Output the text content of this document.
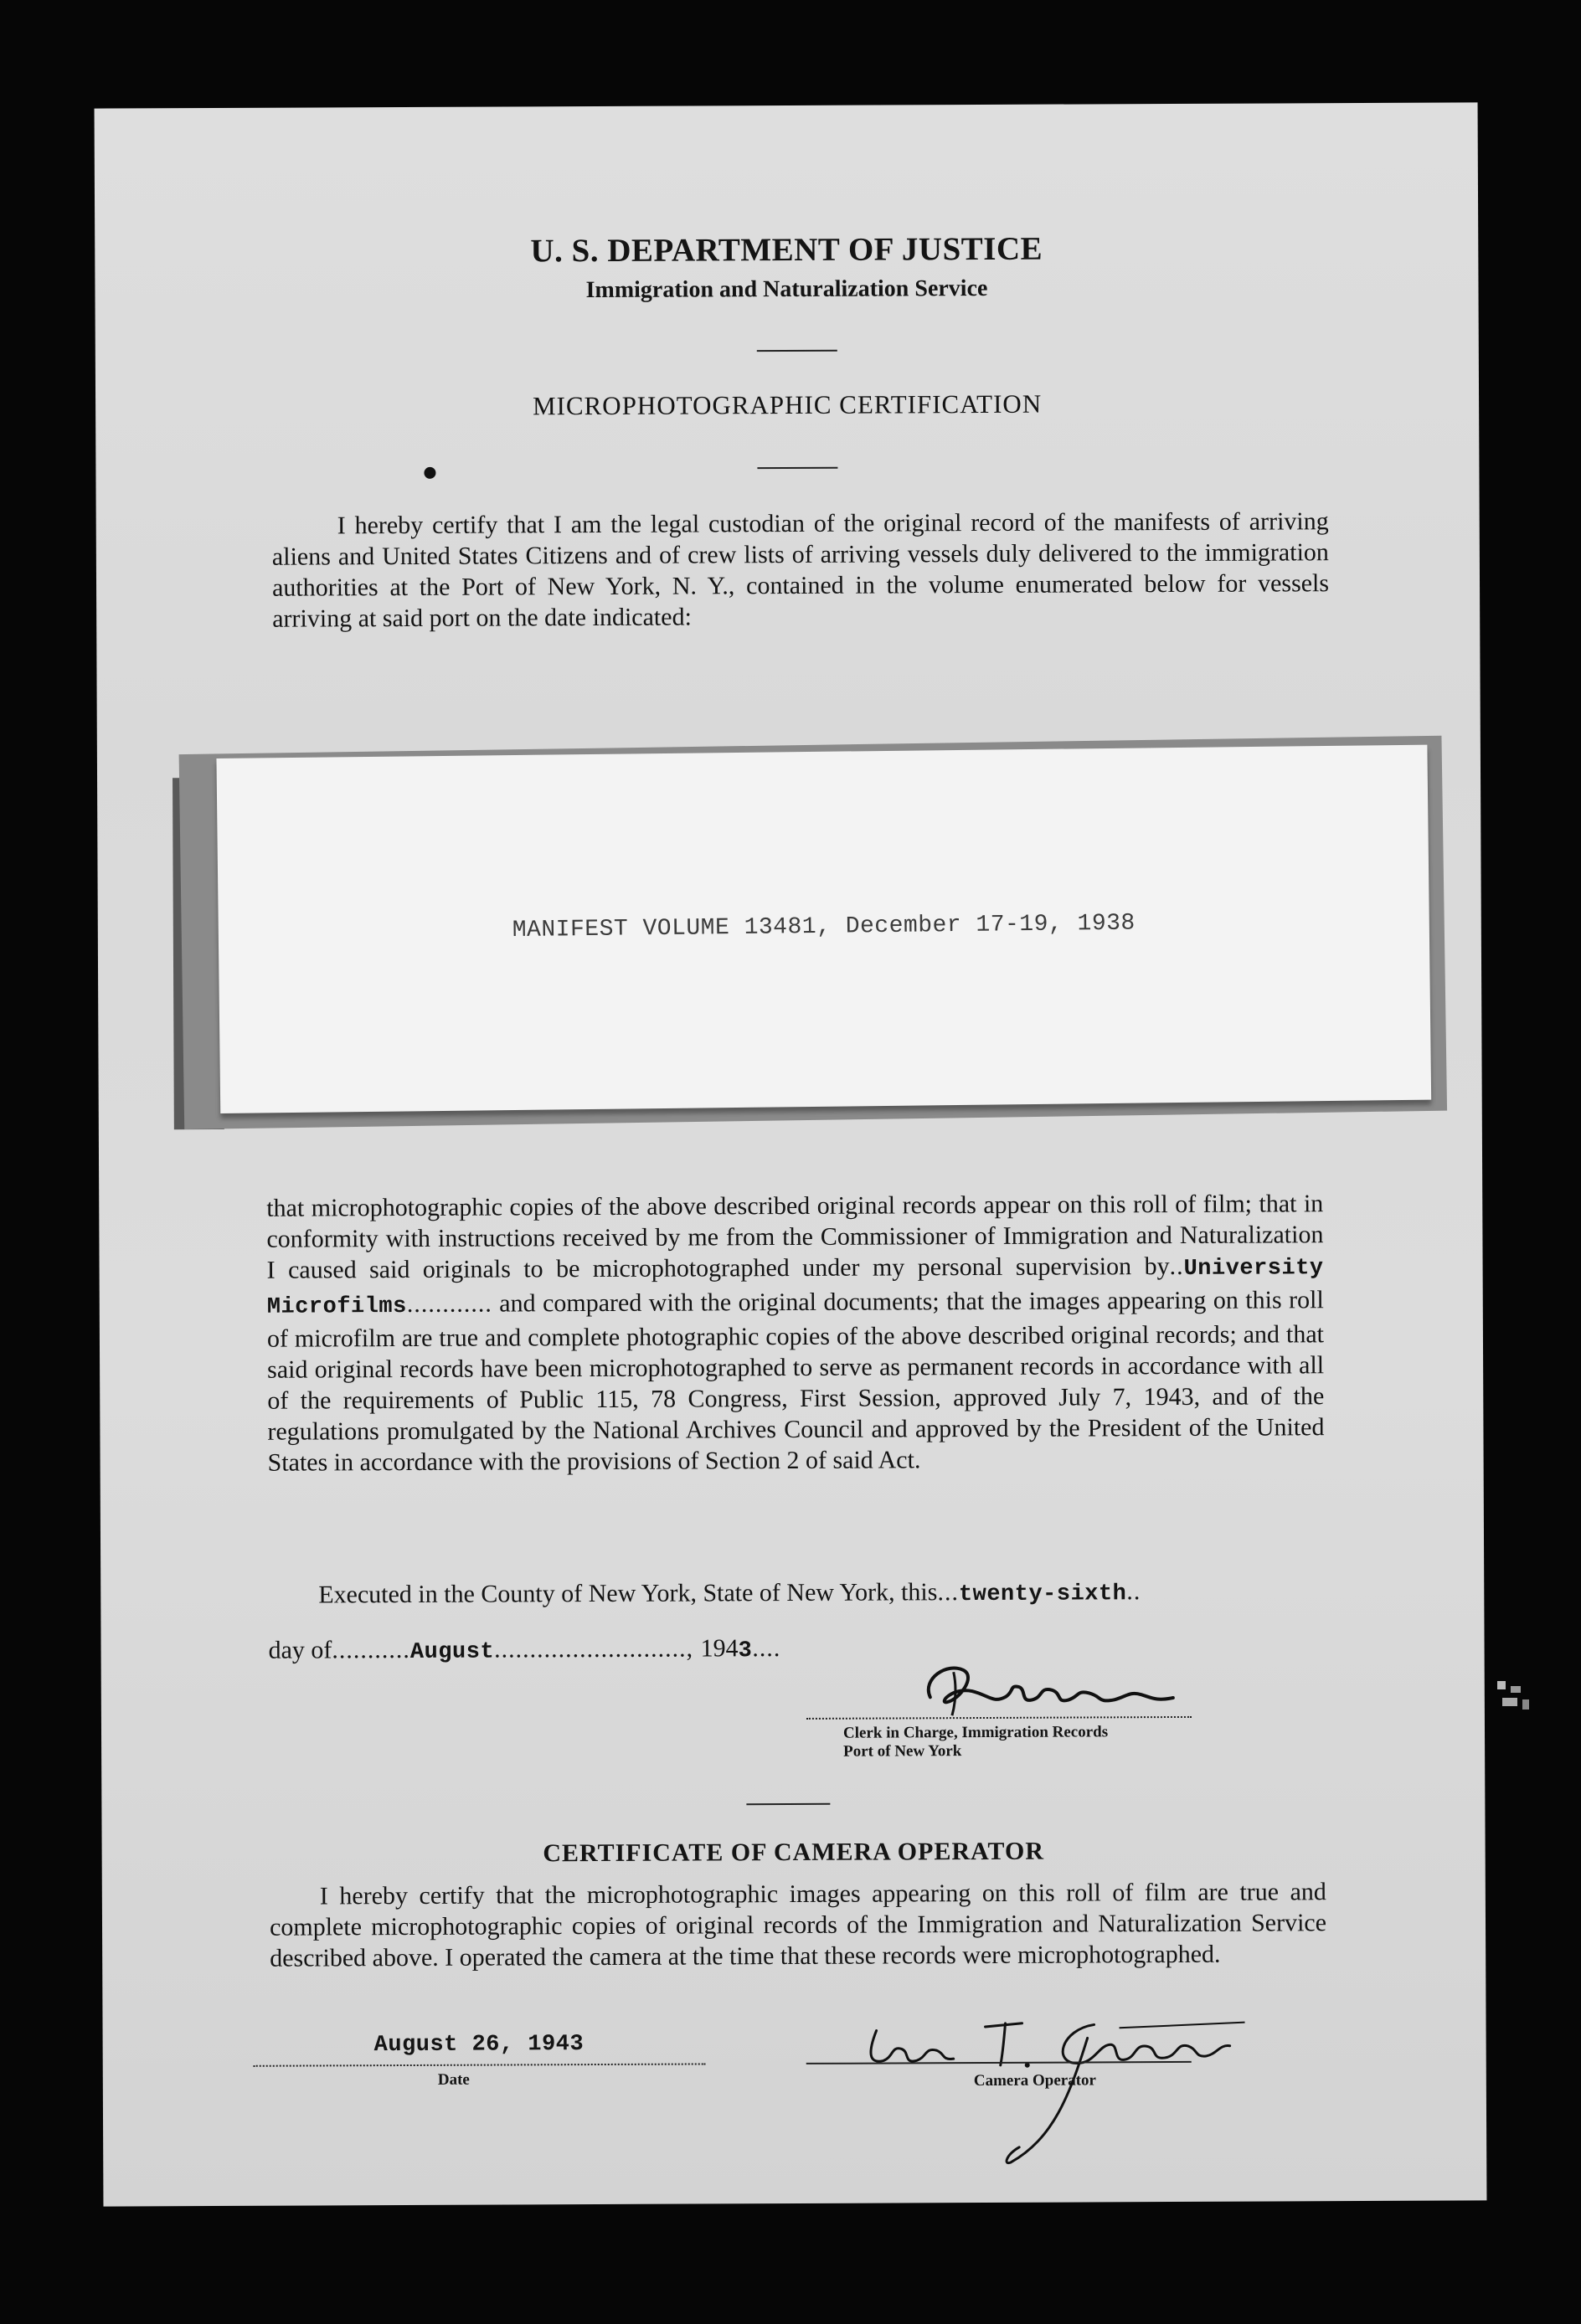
U. S. DEPARTMENT OF JUSTICE
Immigration and Naturalization Service
MICROPHOTOGRAPHIC CERTIFICATION
I hereby certify that I am the legal custodian of the original record of the manifests of arriving aliens and United States Citizens and of crew lists of arriving vessels duly delivered to the immigration authorities at the Port of New York, N. Y., contained in the volume enumerated below for vessels arriving at said port on the date indicated:
MANIFEST VOLUME 13481, December 17-19, 1938
that microphotographic copies of the above described original records appear on this roll of film; that in conformity with instructions received by me from the Commissioner of Immigration and Naturalization I caused said originals to be microphotographed under my personal supervision by..University Microfilms............ and compared with the original documents; that the images appearing on this roll of microfilm are true and complete photographic copies of the above described original records; and that said original records have been microphotographed to serve as permanent records in accordance with all of the requirements of Public 115, 78 Congress, First Session, approved July 7, 1943, and of the regulations promulgated by the National Archives Council and approved by the President of the United States in accordance with the provisions of Section 2 of said Act.
Executed in the County of New York, State of New York, this...twenty-sixth..
day of...........August..........................., 1943....
Clerk in Charge, Immigration Records
Port of New York
CERTIFICATE OF CAMERA OPERATOR
I hereby certify that the microphotographic images appearing on this roll of film are true and complete microphotographic copies of original records of the Immigration and Naturalization Service described above. I operated the camera at the time that these records were microphotographed.
August 26, 1943
Date	Camera Operator
